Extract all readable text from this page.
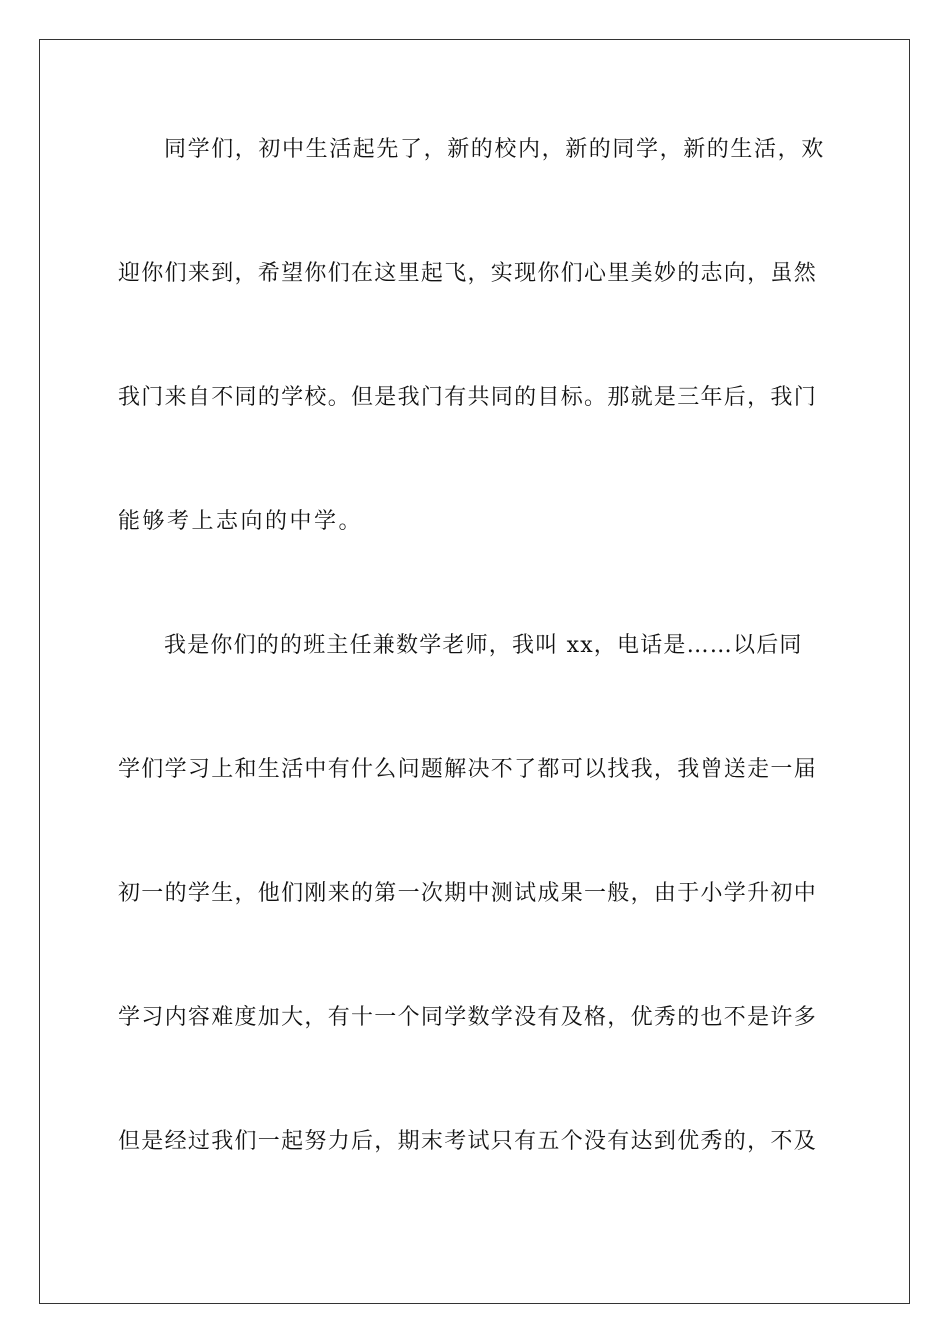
同学们，初中生活起先了，新的校内，新的同学，新的生活，欢
迎你们来到，希望你们在这里起飞，实现你们心里美妙的志向，虽然
我门来自不同的学校。但是我门有共同的目标。那就是三年后，我门
能够考上志向的中学。
我是你们的的班主任兼数学老师，我叫 xx，电话是……以后同
学们学习上和生活中有什么问题解决不了都可以找我，我曾送走一届
初一的学生，他们刚来的第一次期中测试成果一般，由于小学升初中
学习内容难度加大，有十一个同学数学没有及格，优秀的也不是许多
但是经过我们一起努力后，期末考试只有五个没有达到优秀的，不及
